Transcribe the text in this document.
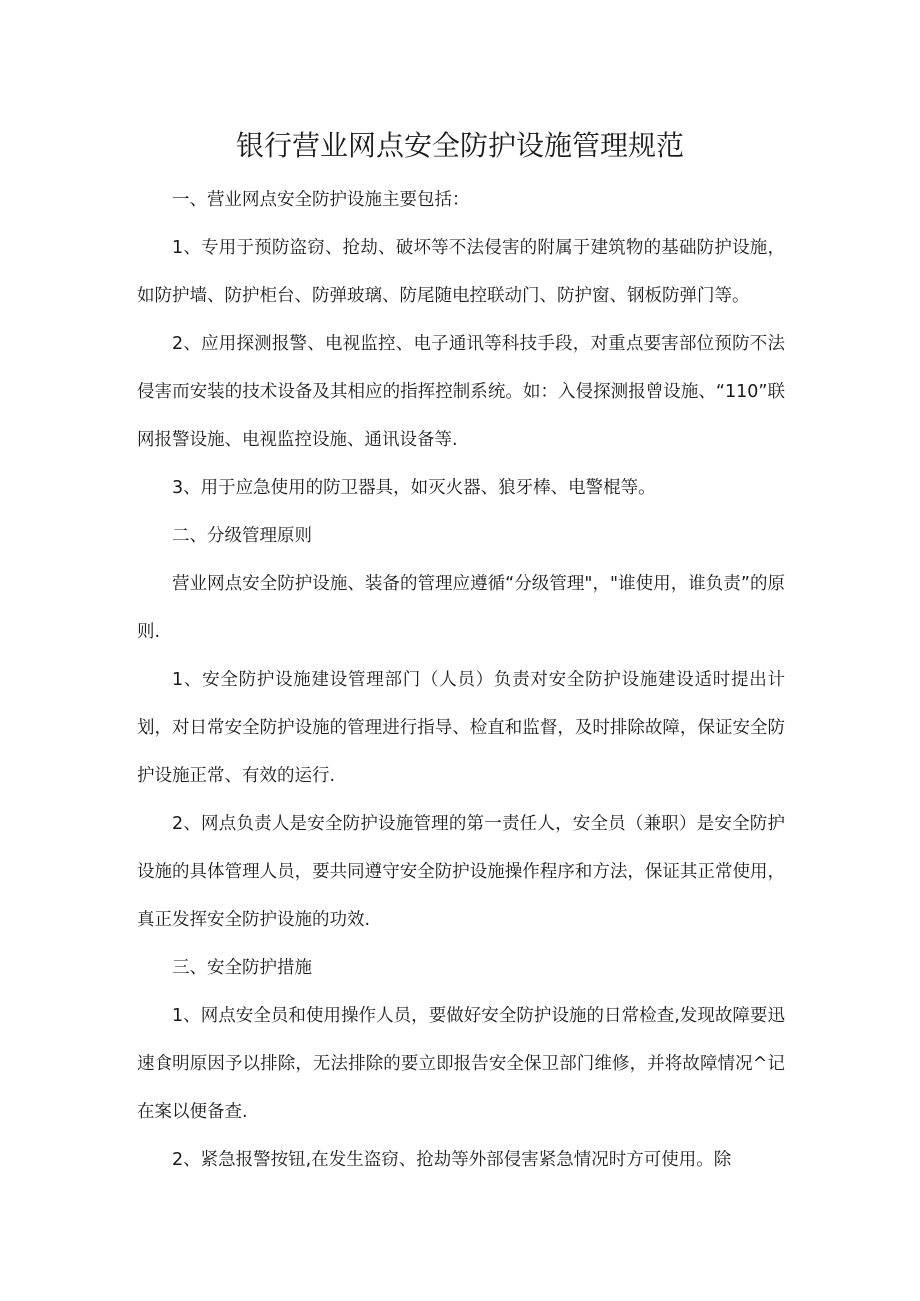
银行营业网点安全防护设施管理规范

一、营业网点安全防护设施主要包括：

1、专用于预防盗窃、抢劫、破坏等不法侵害的附属于建筑物的基础防护设施，如防护墙、防护柜台、防弹玻璃、防尾随电控联动门、防护窗、钢板防弹门等。

2、应用探测报警、电视监控、电子通讯等科技手段，对重点要害部位预防不法侵害而安装的技术设备及其相应的指挥控制系统。如：入侵探测报曾设施、“110”联网报警设施、电视监控设施、通讯设备等.

3、用于应急使用的防卫器具，如灭火器、狼牙棒、电警棍等。

二、分级管理原则

营业网点安全防护设施、装备的管理应遵循“分级管理"，"谁使用，谁负责”的原则.

1、安全防护设施建设管理部门（人员）负责对安全防护设施建设适时提出计划，对日常安全防护设施的管理进行指导、检直和监督，及时排除故障，保证安全防护设施正常、有效的运行.

2、网点负责人是安全防护设施管理的第一责任人，安全员（兼职）是安全防护设施的具体管理人员，要共同遵守安全防护设施操作程序和方法，保证其正常使用，真正发挥安全防护设施的功效.

三、安全防护措施

1、网点安全员和使用操作人员，要做好安全防护设施的日常检查,发现故障要迅速食明原因予以排除，无法排除的要立即报告安全保卫部门维修，并将故障情况^记在案以便备查.

2、紧急报警按钮,在发生盗窃、抢劫等外部侵害紧急情况时方可使用。除
